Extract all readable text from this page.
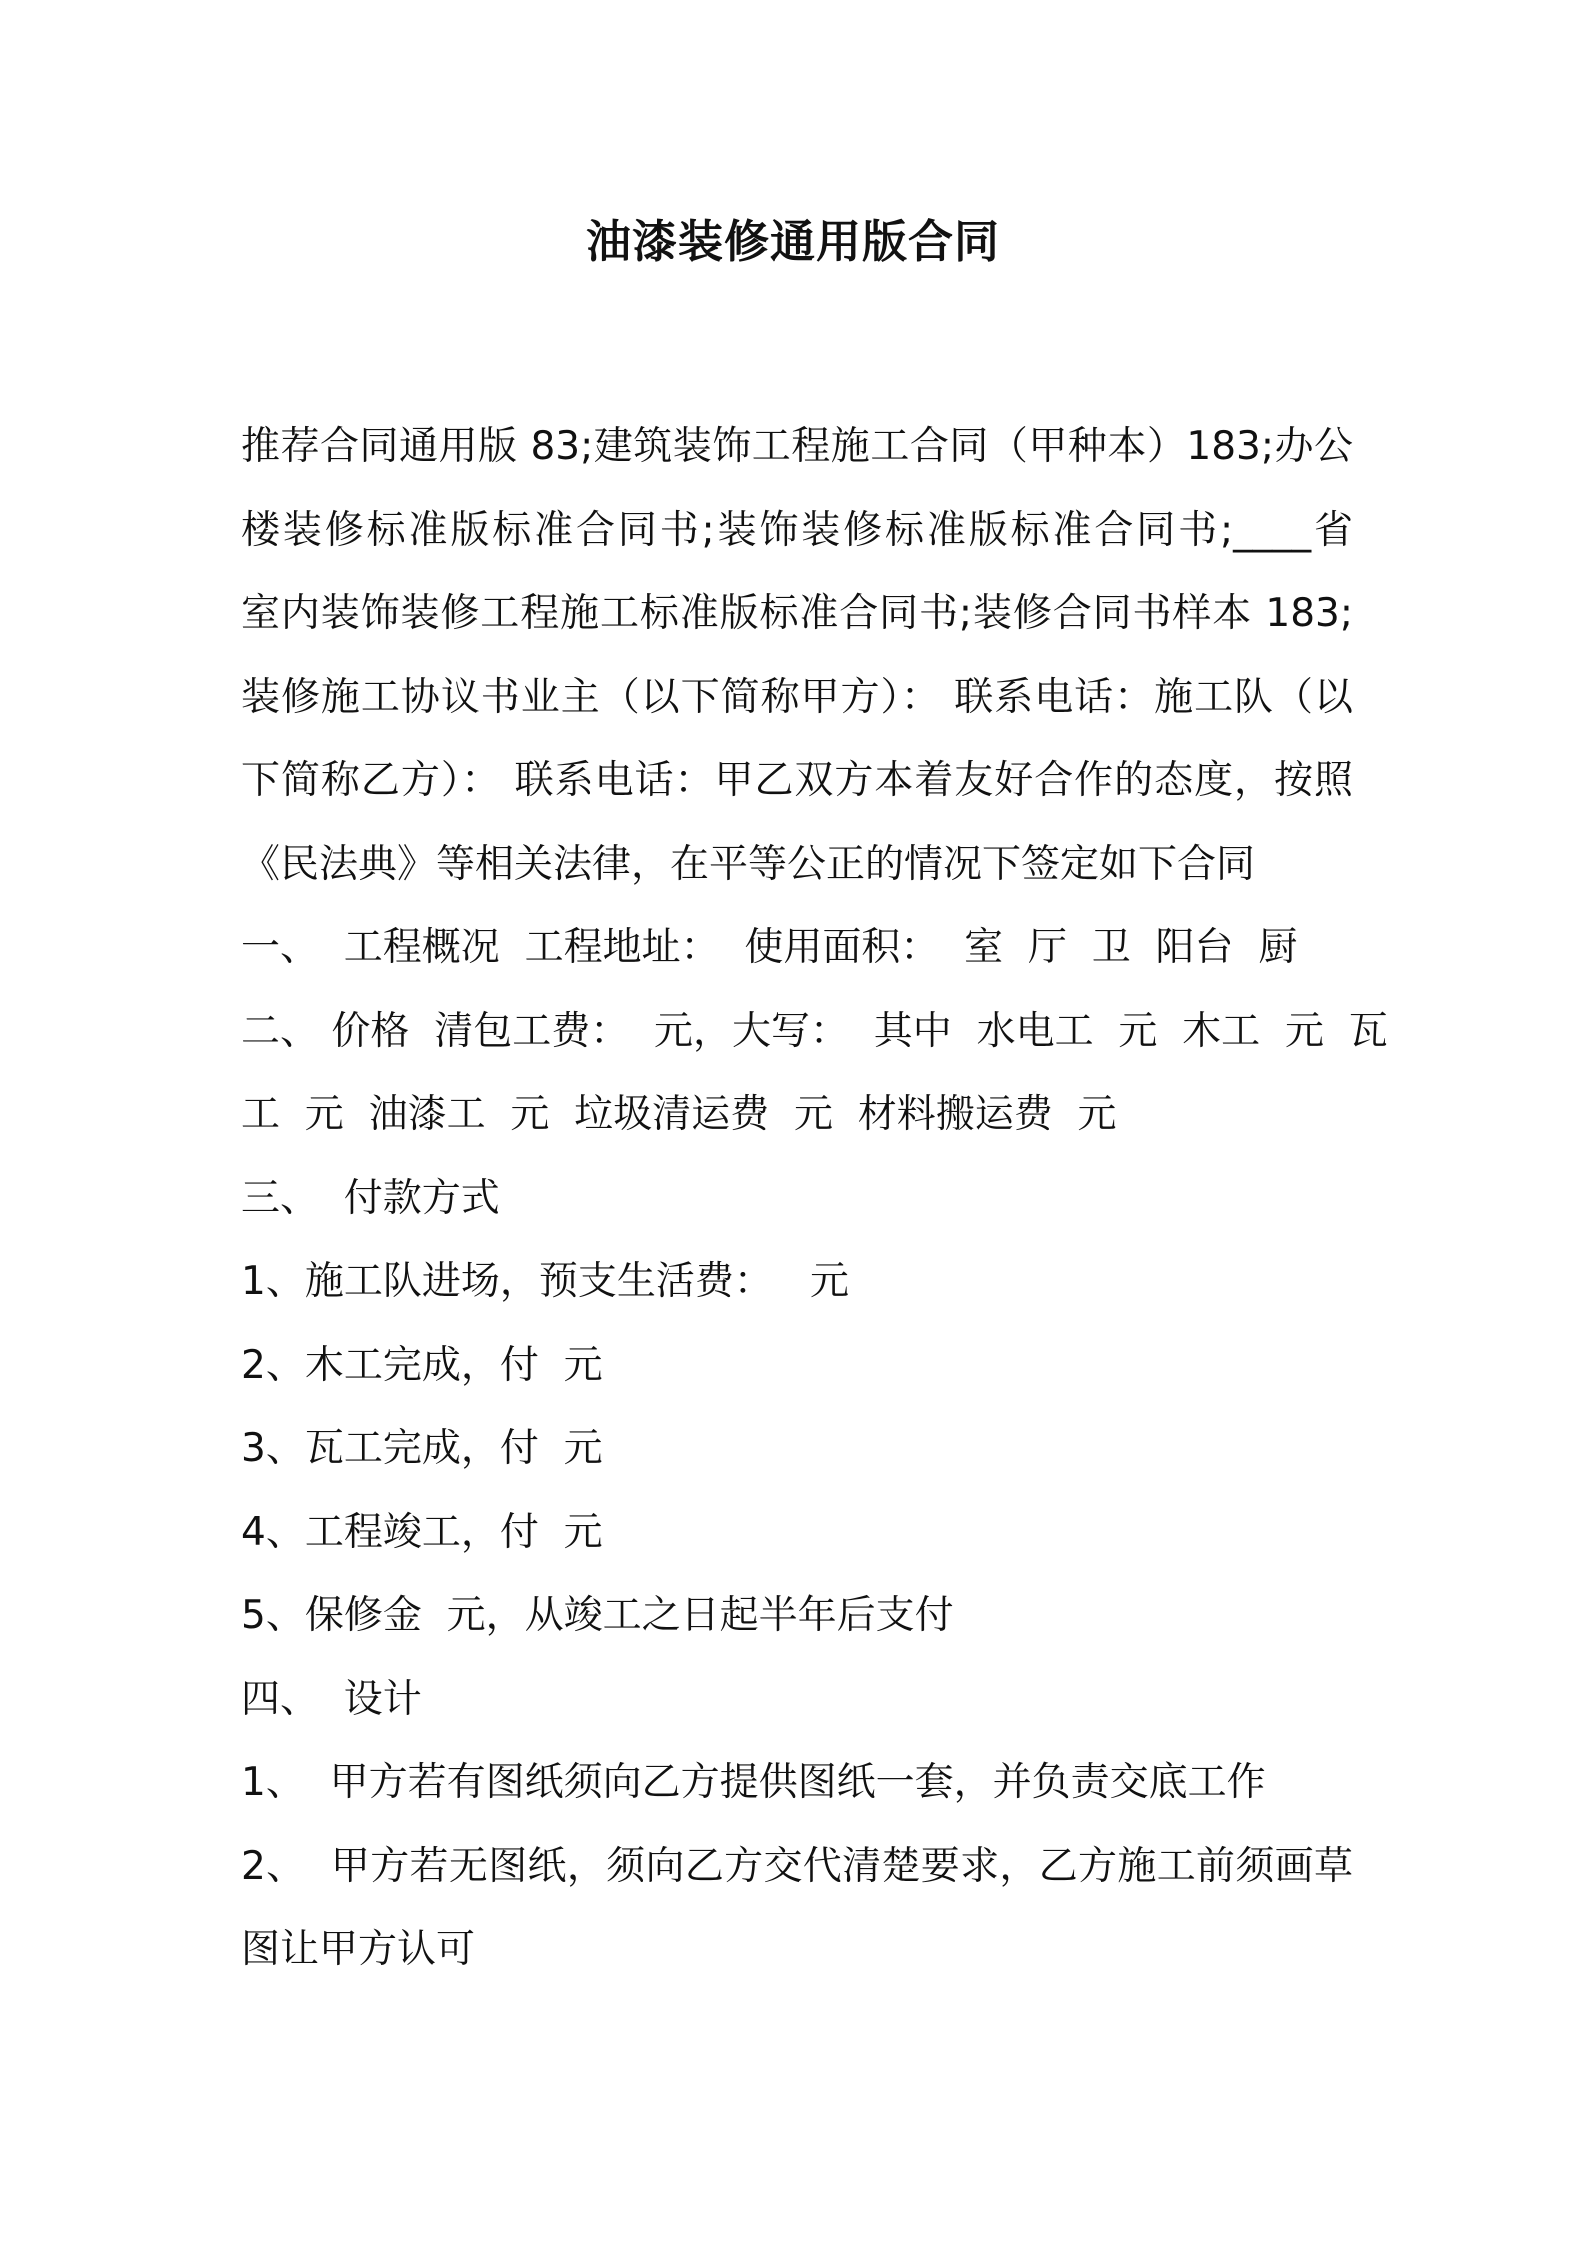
油漆装修通用版合同
推荐合同通用版 83;建筑装饰工程施工合同（甲种本）183;办公
楼装修标准版标准合同书;装饰装修标准版标准合同书;____省
室内装饰装修工程施工标准版标准合同书;装修合同书样本 183;
装修施工协议书业主（以下简称甲方）： 联系电话：施工队（以
下简称乙方）： 联系电话：甲乙双方本着友好合作的态度，按照
《民法典》等相关法律，在平等公正的情况下签定如下合同
一、  工程概况  工程地址：  使用面积：  室  厅  卫  阳台  厨
二、 价格  清包工费：  元，大写：  其中  水电工  元  木工  元  瓦
工  元  油漆工  元  垃圾清运费  元  材料搬运费  元
三、  付款方式
1、施工队进场，预支生活费：   元
2、木工完成，付  元
3、瓦工完成，付  元
4、工程竣工，付  元
5、保修金  元，从竣工之日起半年后支付
四、  设计
1、  甲方若有图纸须向乙方提供图纸一套，并负责交底工作
2、  甲方若无图纸，须向乙方交代清楚要求，乙方施工前须画草
图让甲方认可
